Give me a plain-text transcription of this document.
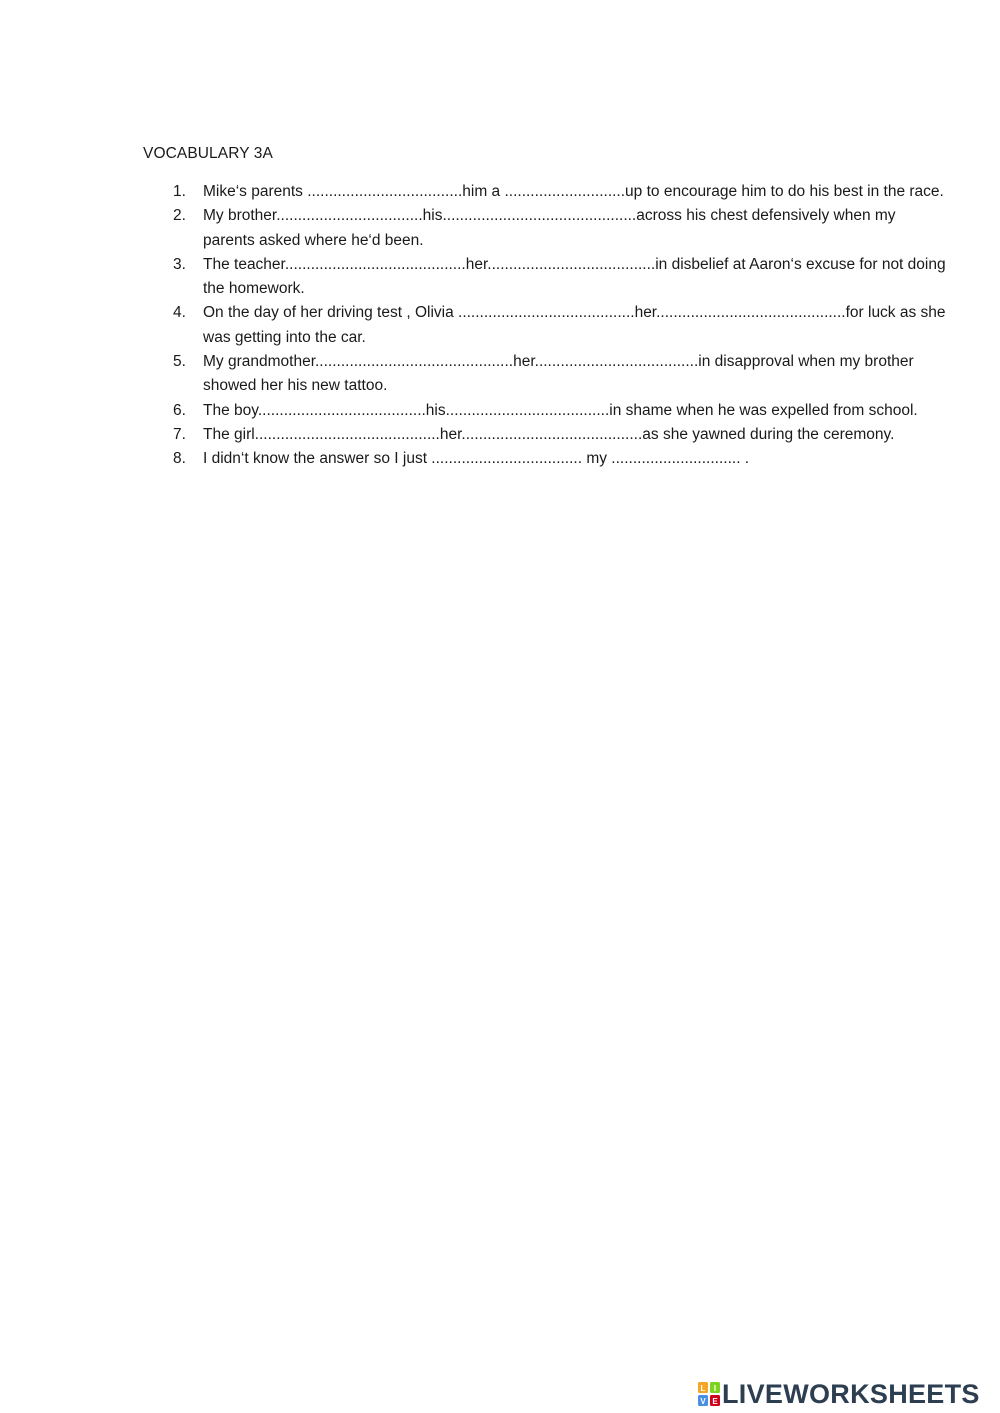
VOCABULARY 3A
1. Mike‘s parents ....................................him a ............................up to encourage him to do his best in the race.
2. My brother..................................his.............................................across his chest defensively when my parents asked where he‘d been.
3. The teacher..........................................her.......................................in disbelief at Aaron‘s excuse for not doing the homework.
4. On the day of her driving test , Olivia .........................................her............................................for luck as she was getting into the car.
5. My grandmother..............................................her......................................in disapproval when my brother showed her his new tattoo.
6. The boy.......................................his......................................in shame when he was expelled from school.
7. The girl...........................................her..........................................as she yawned during the ceremony.
8. I didn‘t know the answer so I just ................................... my .............................. .
L I
V E LIVEWORKSHEETS
